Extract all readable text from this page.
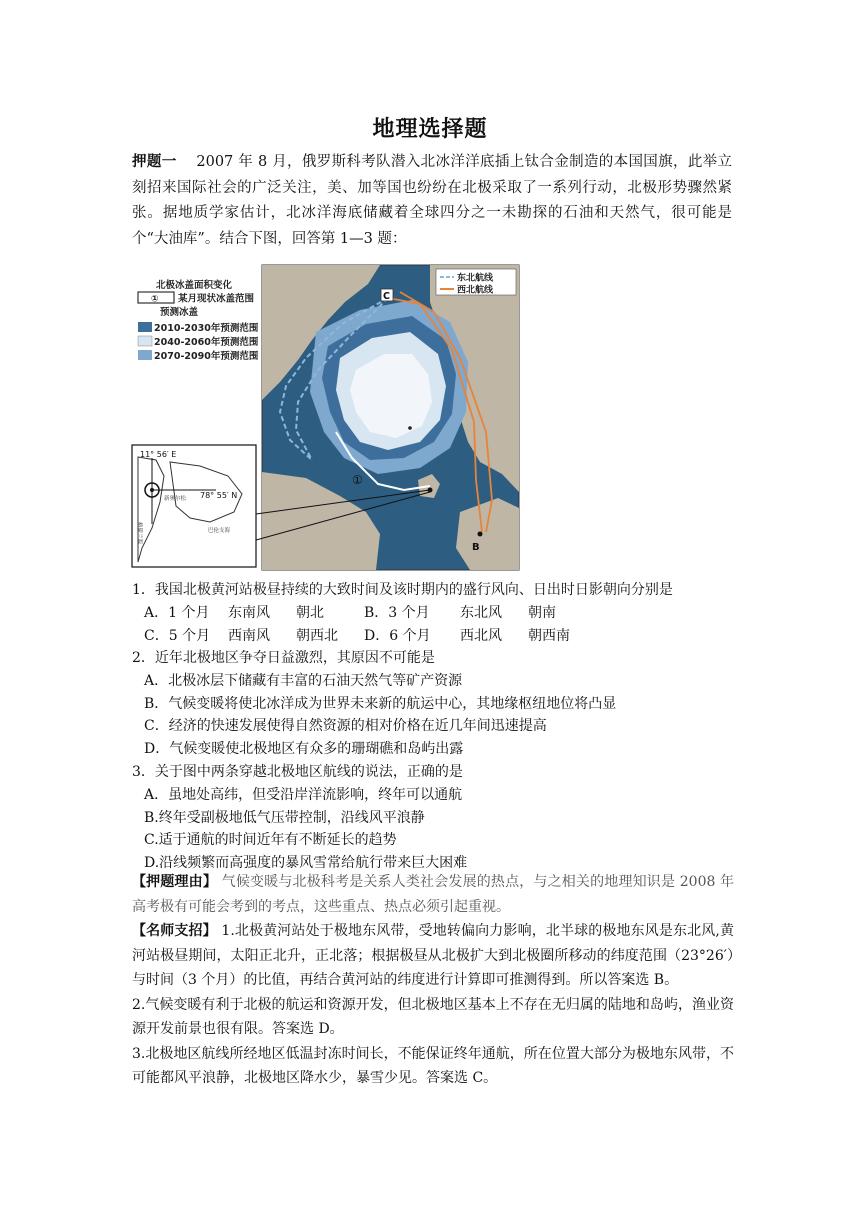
地理选择题
押题一 2007 年 8 月，俄罗斯科考队潜入北冰洋洋底插上钛合金制造的本国国旗，此举立刻招来国际社会的广泛关注，美、加等国也纷纷在北极采取了一系列行动，北极形势骤然紧张。据地质学家估计，北冰洋海底储藏着全球四分之一未勘探的石油和天然气，很可能是个“大油库”。结合下图，回答第 1—3 题：
北极冰盖面积变化
① 某月现状冰盖范围
预测冰盖
2010-2030年预测范围
2040-2060年预测范围
2070-2090年预测范围
东北航线
西北航线
C
B
①
11° 56′ E
78° 55′ N
新奥尔松
巴伦支海
格陵兰海
1．我国北极黄河站极昼持续的大致时间及该时期内的盛行风向、日出时日影朝向分别是
A．1 个月	东南风	朝北	B．3 个月	东北风	朝南
C．5 个月	西南风	朝西北	D．6 个月	西北风	朝西南
2．近年北极地区争夺日益激烈，其原因不可能是
A．北极冰层下储藏有丰富的石油天然气等矿产资源
B．气候变暖将使北冰洋成为世界未来新的航运中心，其地缘枢纽地位将凸显
C．经济的快速发展使得自然资源的相对价格在近几年间迅速提高
D．气候变暖使北极地区有众多的珊瑚礁和岛屿出露
3．关于图中两条穿越北极地区航线的说法，正确的是
A．虽地处高纬，但受沿岸洋流影响，终年可以通航
B.终年受副极地低气压带控制，沿线风平浪静
C.适于通航的时间近年有不断延长的趋势
D.沿线频繁而高强度的暴风雪常给航行带来巨大困难
【押题理由】 气候变暖与北极科考是关系人类社会发展的热点，与之相关的地理知识是 2008 年高考极有可能会考到的考点，这些重点、热点必须引起重视。
【名师支招】 1.北极黄河站处于极地东风带，受地转偏向力影响，北半球的极地东风是东北风,黄河站极昼期间，太阳正北升，正北落；根据极昼从北极扩大到北极圈所移动的纬度范围（23°26′）与时间（3 个月）的比值，再结合黄河站的纬度进行计算即可推测得到。所以答案选 B。
2.气候变暖有利于北极的航运和资源开发，但北极地区基本上不存在无归属的陆地和岛屿，渔业资源开发前景也很有限。答案选 D。
3.北极地区航线所经地区低温封冻时间长，不能保证终年通航，所在位置大部分为极地东风带，不可能都风平浪静，北极地区降水少，暴雪少见。答案选 C。
